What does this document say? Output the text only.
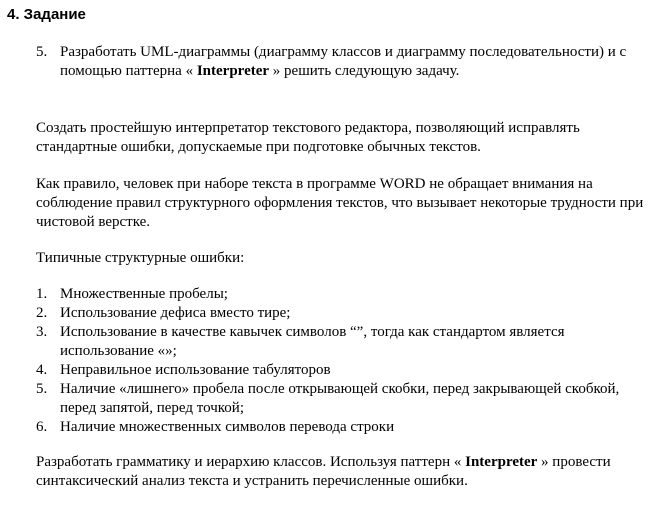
4. Задание
5. Разработать UML-диаграммы (диаграмму классов и диаграмму последовательности) и с помощью паттерна « Interpreter » решить следующую задачу.
Создать простейшую интерпретатор текстового редактора, позволяющий исправлять стандартные ошибки, допускаемые при подготовке обычных текстов.
Как правило, человек при наборе текста в программе WORD не обращает внимания на соблюдение правил структурного оформления текстов, что вызывает некоторые трудности при чистовой верстке.
Типичные структурные ошибки:
1. Множественные пробелы;
2. Использование дефиса вместо тире;
3. Использование в качестве кавычек символов “”, тогда как стандартом является использование «»;
4. Неправильное использование табуляторов
5. Наличие «лишнего» пробела после открывающей скобки, перед закрывающей скобкой, перед запятой, перед точкой;
6. Наличие множественных символов перевода строки
Разработать грамматику и иерархию классов. Используя паттерн « Interpreter » провести синтаксический анализ текста и устранить перечисленные ошибки.
